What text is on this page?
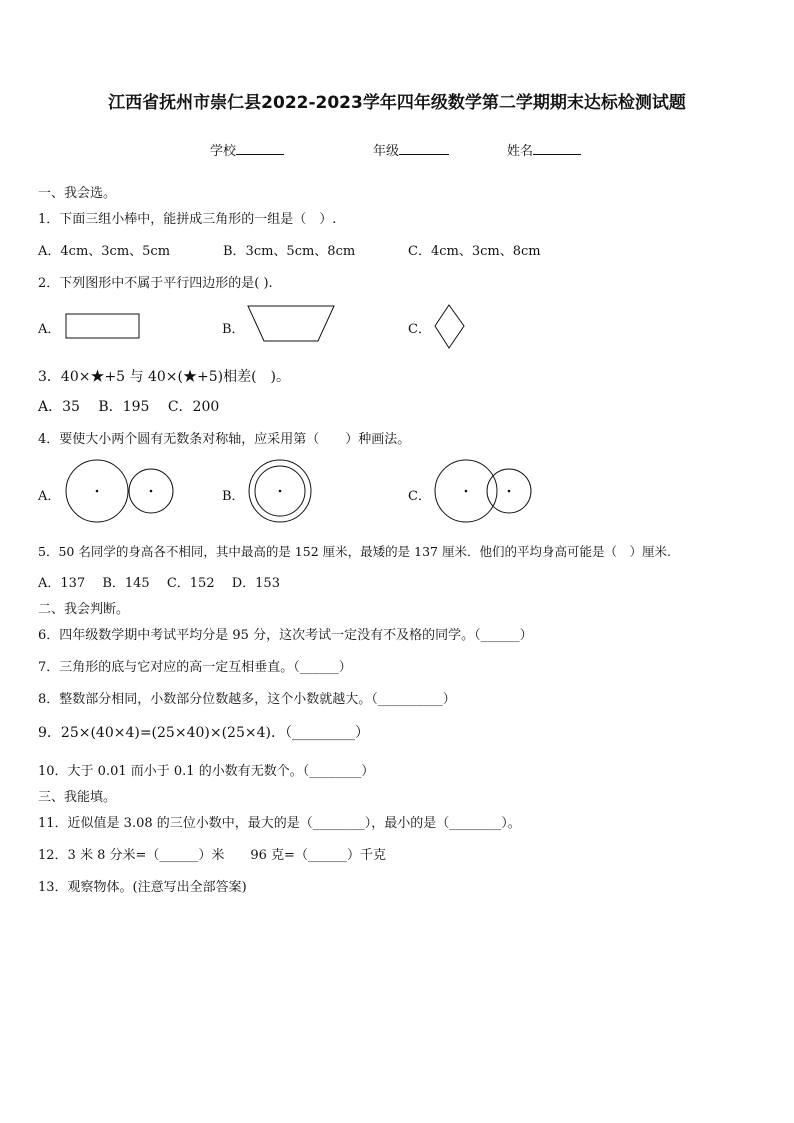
江西省抚州市崇仁县2022-2023学年四年级数学第二学期期末达标检测试题
学校	年级	姓名
一、我会选。
1．下面三组小棒中，能拼成三角形的一组是（　）.
A．4cm、3cm、5cm	B．3cm、5cm、8cm	C．4cm、3cm、8cm
2．下列图形中不属于平行四边形的是( ).
A．	B．	C．
3．40×★+5 与 40×(★+5)相差(　)。
A．35　 B．195　 C．200
4．要使大小两个圆有无数条对称轴，应采用第（　　）种画法。
A．	B．	C．
5．50 名同学的身高各不相同，其中最高的是 152 厘米，最矮的是 137 厘米．他们的平均身高可能是（　）厘米.
A．137　 B．145　 C．152　 D．153
二、我会判断。
6．四年级数学期中考试平均分是 95 分，这次考试一定没有不及格的同学。（______）
7．三角形的底与它对应的高一定互相垂直。（______）
8．整数部分相同，小数部分位数越多，这个小数就越大。（__________）
9．25×(40×4)=(25×40)×(25×4)．（_________）
10．大于 0.01 而小于 0.1 的小数有无数个。（________）
三、我能填。
11．近似值是 3.08 的三位小数中，最大的是（________），最小的是（________）。
12．3 米 8 分米=（______）米　　96 克=（______）千克
13．观察物体。(注意写出全部答案)
